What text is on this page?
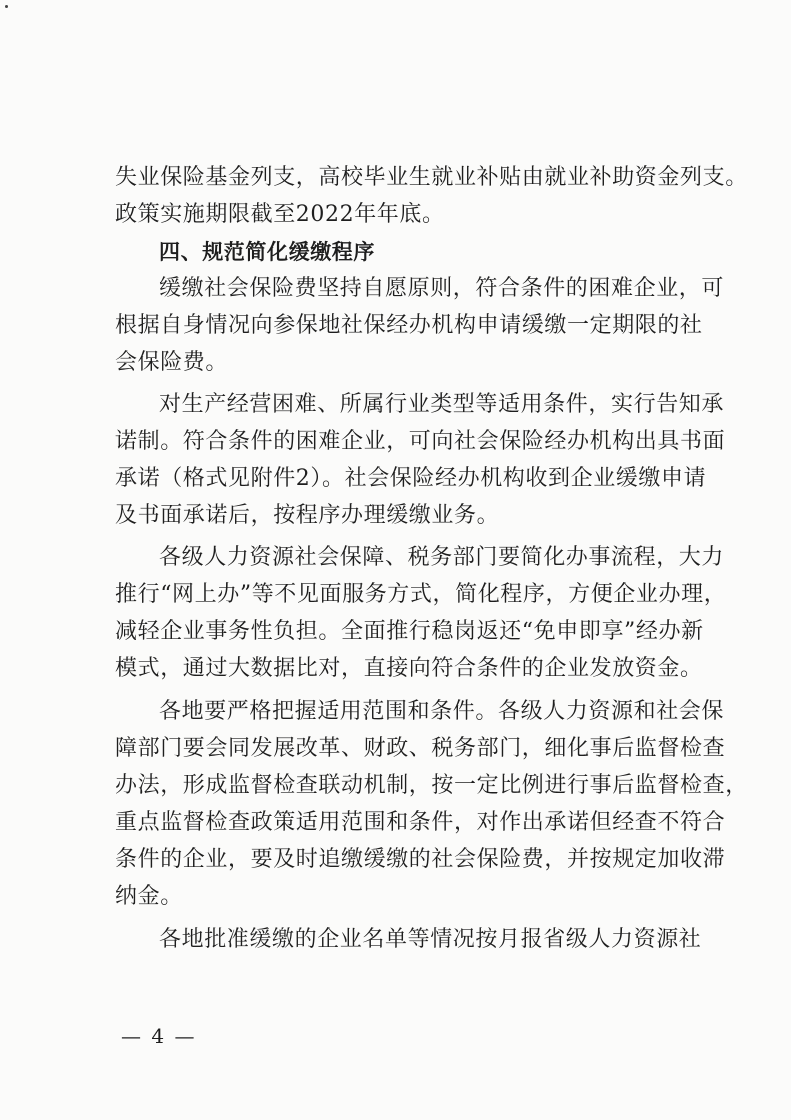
失业保险基金列支，高校毕业生就业补贴由就业补助资金列支。
政策实施期限截至2022年年底。
四、规范简化缓缴程序
缓缴社会保险费坚持自愿原则，符合条件的困难企业，可
根据自身情况向参保地社保经办机构申请缓缴一定期限的社
会保险费。
对生产经营困难、所属行业类型等适用条件，实行告知承
诺制。符合条件的困难企业，可向社会保险经办机构出具书面
承诺（格式见附件2）。社会保险经办机构收到企业缓缴申请
及书面承诺后，按程序办理缓缴业务。
各级人力资源社会保障、税务部门要简化办事流程，大力
推行“网上办”等不见面服务方式，简化程序，方便企业办理，
减轻企业事务性负担。全面推行稳岗返还“免申即享”经办新
模式，通过大数据比对，直接向符合条件的企业发放资金。
各地要严格把握适用范围和条件。各级人力资源和社会保
障部门要会同发展改革、财政、税务部门，细化事后监督检查
办法，形成监督检查联动机制，按一定比例进行事后监督检查，
重点监督检查政策适用范围和条件，对作出承诺但经查不符合
条件的企业，要及时追缴缓缴的社会保险费，并按规定加收滞
纳金。
各地批准缓缴的企业名单等情况按月报省级人力资源社
— 4 —
